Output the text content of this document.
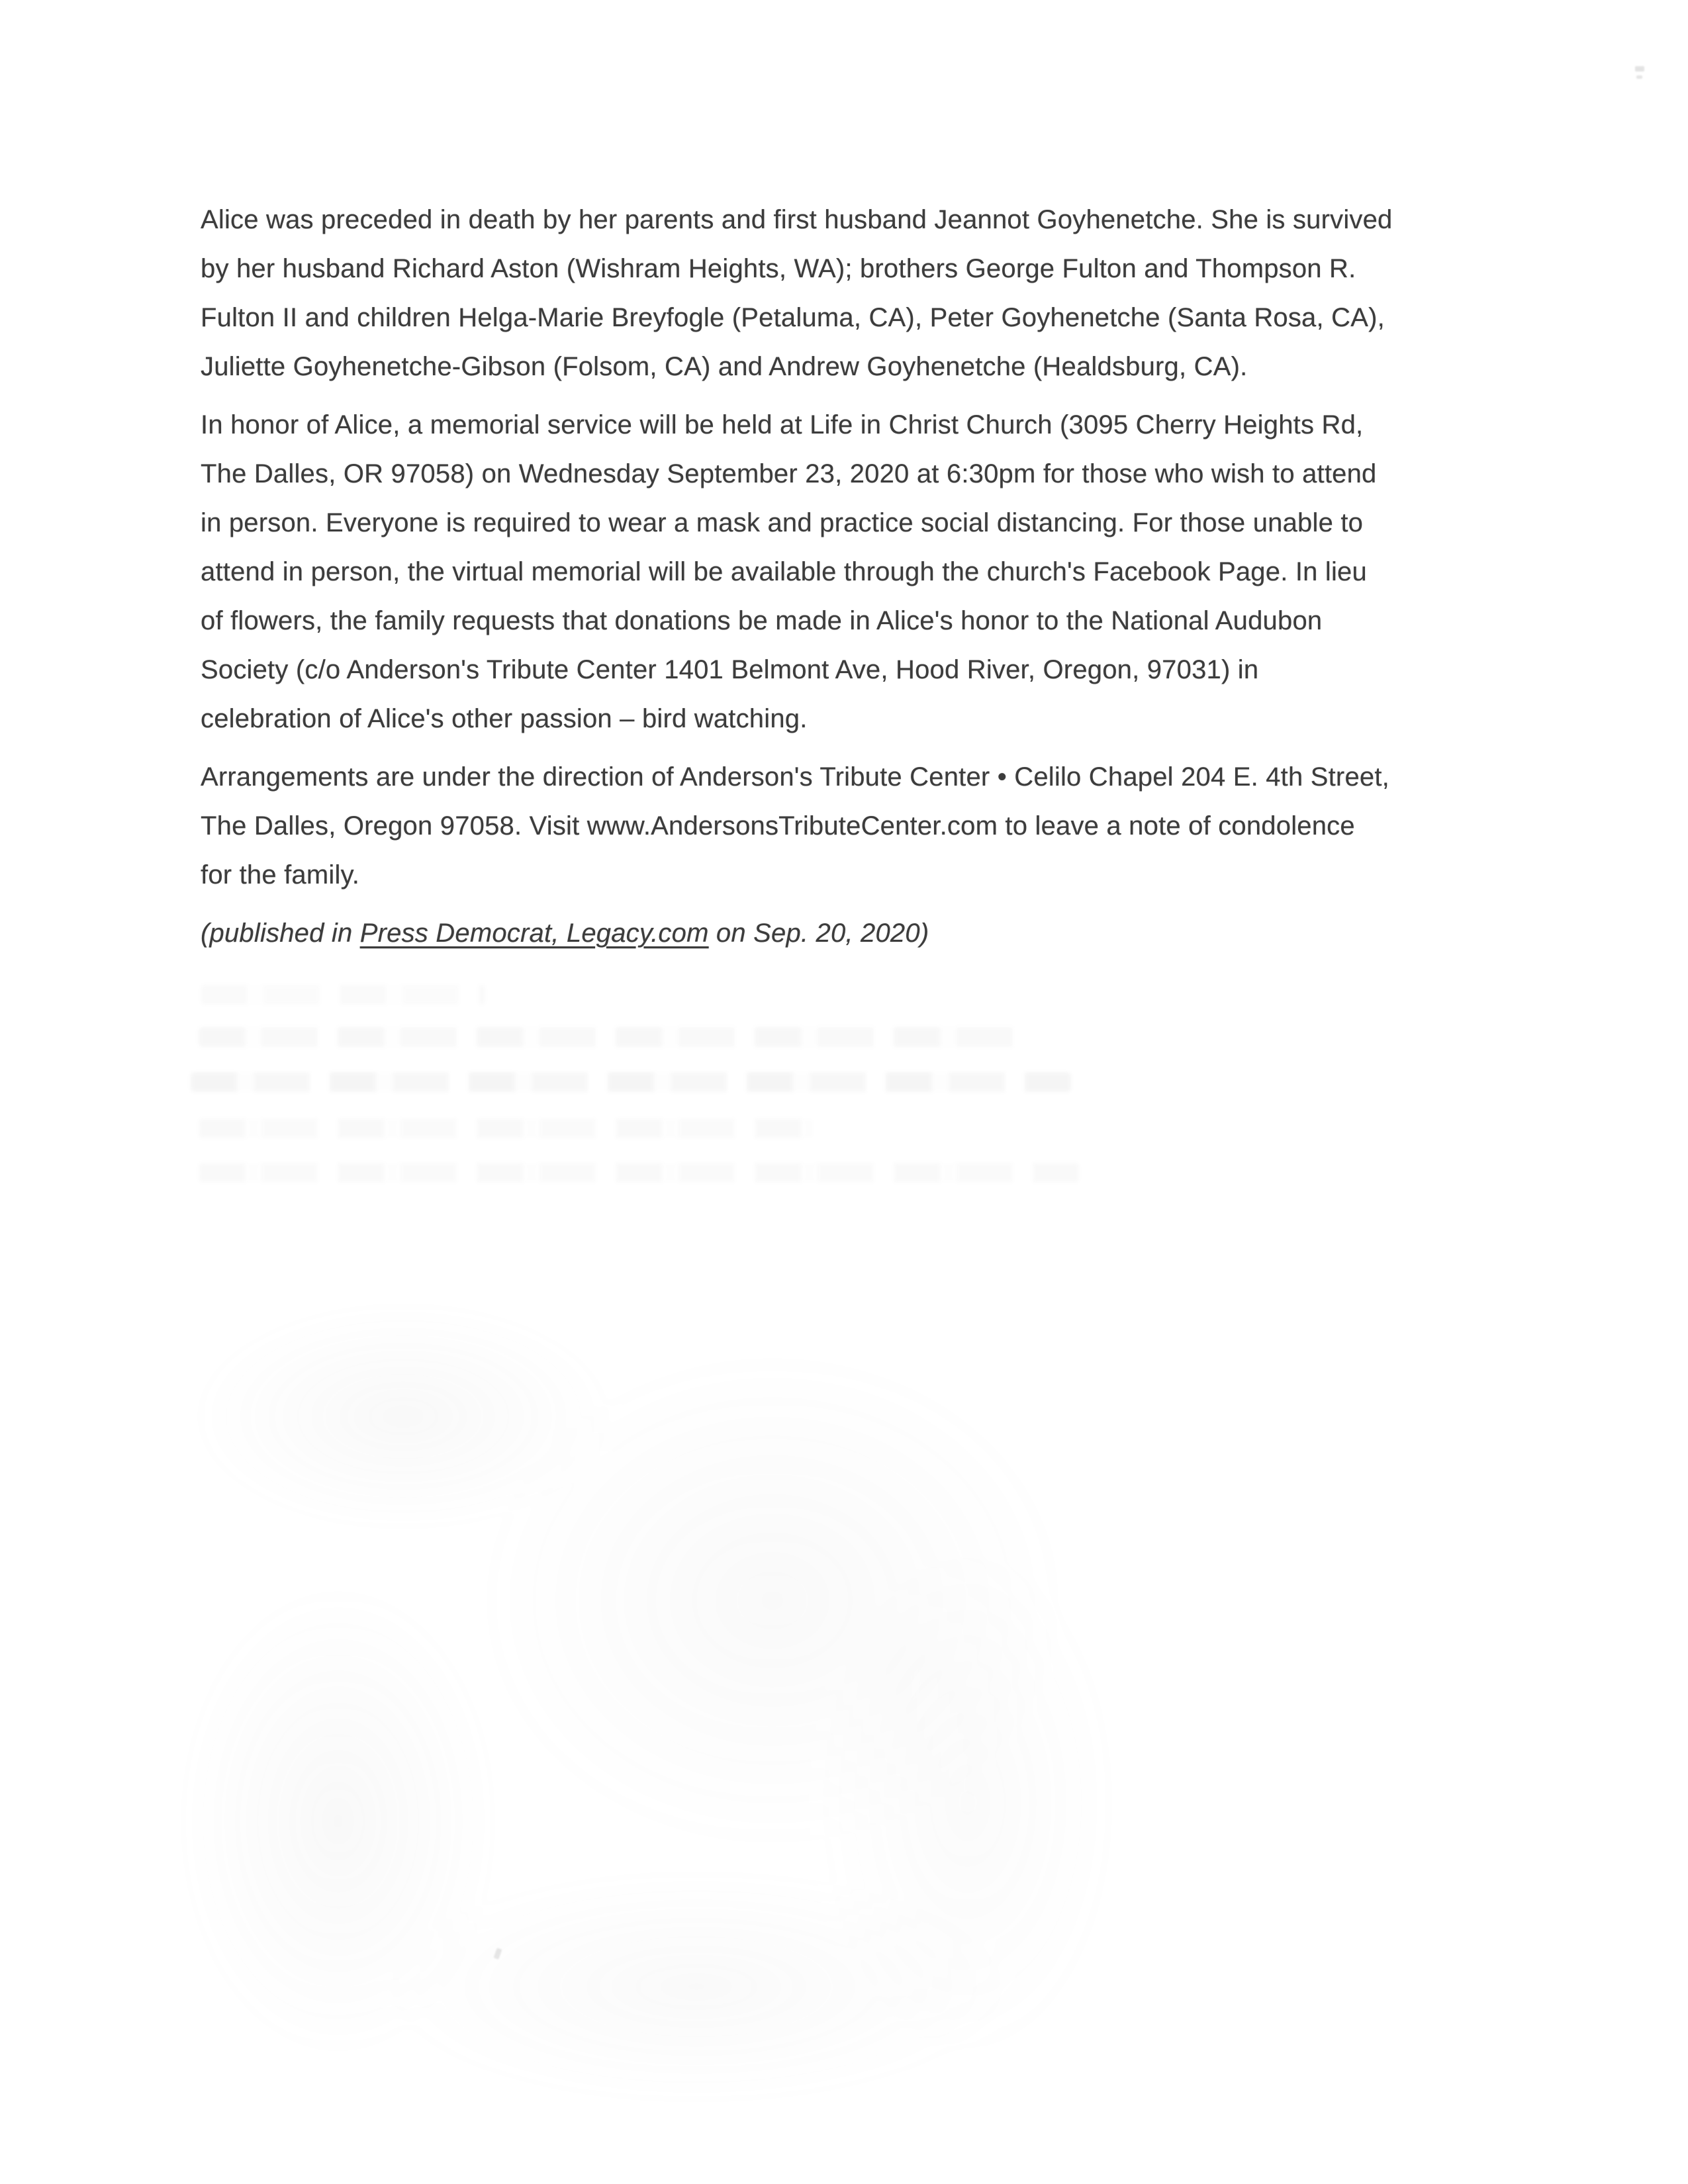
Alice was preceded in death by her parents and first husband Jeannot Goyhenetche. She is survived
by her husband Richard Aston (Wishram Heights, WA); brothers George Fulton and Thompson R.
Fulton II and children Helga-Marie Breyfogle (Petaluma, CA), Peter Goyhenetche (Santa Rosa, CA),
Juliette Goyhenetche-Gibson (Folsom, CA) and Andrew Goyhenetche (Healdsburg, CA).

In honor of Alice, a memorial service will be held at Life in Christ Church (3095 Cherry Heights Rd,
The Dalles, OR 97058) on Wednesday September 23, 2020 at 6:30pm for those who wish to attend
in person. Everyone is required to wear a mask and practice social distancing. For those unable to
attend in person, the virtual memorial will be available through the church's Facebook Page. In lieu
of flowers, the family requests that donations be made in Alice's honor to the National Audubon
Society (c/o Anderson's Tribute Center 1401 Belmont Ave, Hood River, Oregon, 97031) in
celebration of Alice's other passion – bird watching.

Arrangements are under the direction of Anderson's Tribute Center • Celilo Chapel 204 E. 4th Street,
The Dalles, Oregon 97058. Visit www.AndersonsTributeCenter.com to leave a note of condolence
for the family.

(published in Press Democrat, Legacy.com on Sep. 20, 2020)
